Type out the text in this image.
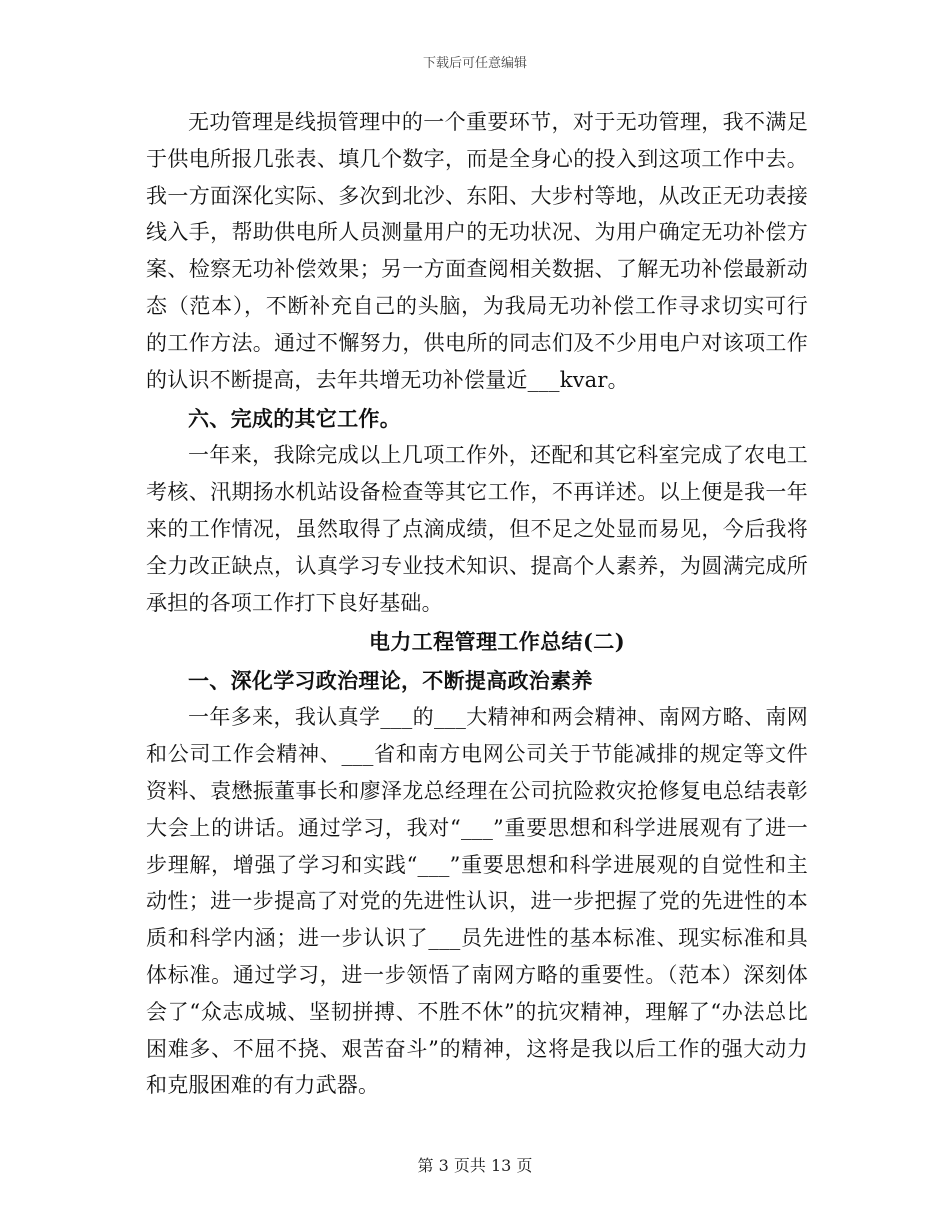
下载后可任意编辑

无功管理是线损管理中的一个重要环节，对于无功管理，我不满足于供电所报几张表、填几个数字，而是全身心的投入到这项工作中去。我一方面深化实际、多次到北沙、东阳、大步村等地，从改正无功表接线入手，帮助供电所人员测量用户的无功状况、为用户确定无功补偿方案、检察无功补偿效果；另一方面查阅相关数据、了解无功补偿最新动态（范本），不断补充自己的头脑，为我局无功补偿工作寻求切实可行的工作方法。通过不懈努力，供电所的同志们及不少用电户对该项工作的认识不断提高，去年共增无功补偿量近___kvar。

六、完成的其它工作。

一年来，我除完成以上几项工作外，还配和其它科室完成了农电工考核、汛期扬水机站设备检查等其它工作，不再详述。以上便是我一年来的工作情况，虽然取得了点滴成绩，但不足之处显而易见，今后我将全力改正缺点，认真学习专业技术知识、提高个人素养，为圆满完成所承担的各项工作打下良好基础。

电力工程管理工作总结(二)

一、深化学习政治理论，不断提高政治素养

一年多来，我认真学___的___大精神和两会精神、南网方略、南网和公司工作会精神、___省和南方电网公司关于节能减排的规定等文件资料、袁懋振董事长和廖泽龙总经理在公司抗险救灾抢修复电总结表彰大会上的讲话。通过学习，我对“___”重要思想和科学进展观有了进一步理解，增强了学习和实践“___”重要思想和科学进展观的自觉性和主动性；进一步提高了对党的先进性认识，进一步把握了党的先进性的本质和科学内涵；进一步认识了___员先进性的基本标准、现实标准和具体标准。通过学习，进一步领悟了南网方略的重要性。（范本）深刻体会了“众志成城、坚韧拼搏、不胜不休”的抗灾精神，理解了“办法总比困难多、不屈不挠、艰苦奋斗”的精神，这将是我以后工作的强大动力和克服困难的有力武器。

第 3 页共 13 页
